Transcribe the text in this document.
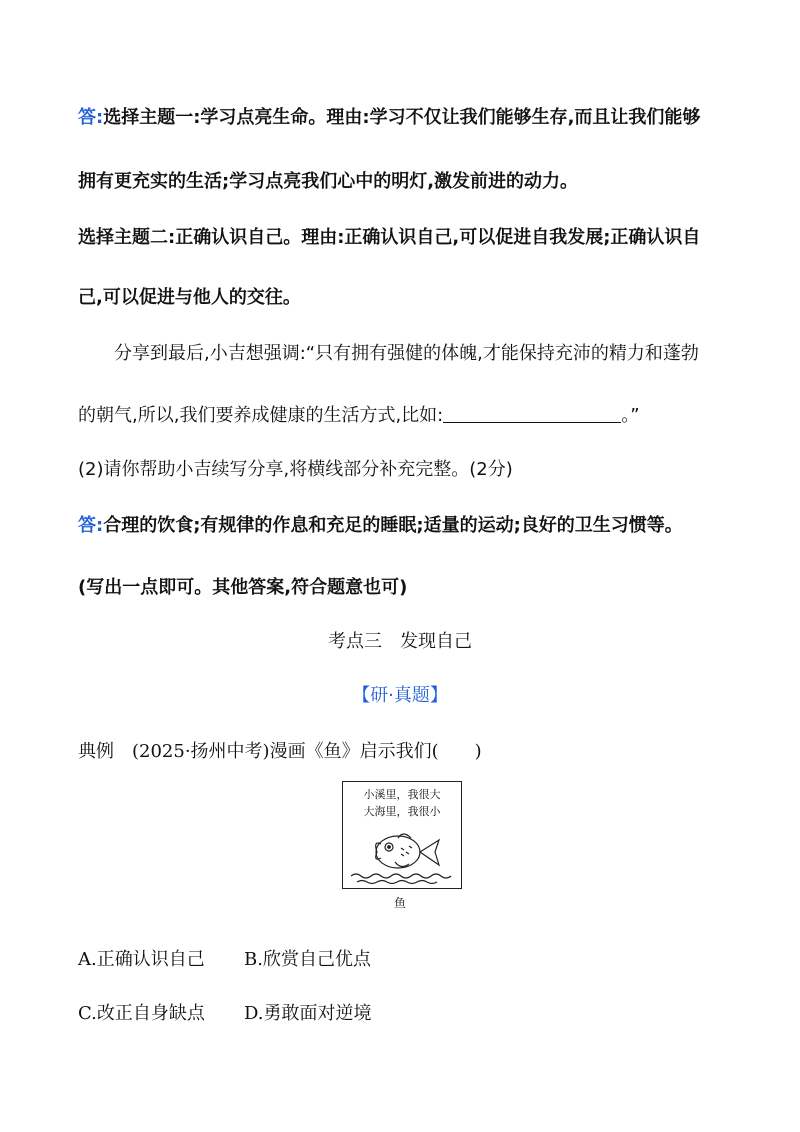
答:选择主题一:学习点亮生命。理由:学习不仅让我们能够生存,而且让我们能够
拥有更充实的生活;学习点亮我们心中的明灯,激发前进的动力。
选择主题二:正确认识自己。理由:正确认识自己,可以促进自我发展;正确认识自
己,可以促进与他人的交往。
分享到最后,小吉想强调:“只有拥有强健的体魄,才能保持充沛的精力和蓬勃
的朝气,所以,我们要养成健康的生活方式,比如:	。”
(2)请你帮助小吉续写分享,将横线部分补充完整。(2分)
答:合理的饮食;有规律的作息和充足的睡眠;适量的运动;良好的卫生习惯等。
(写出一点即可。其他答案,符合题意也可)
考点三　发现自己
【研·真题】
典例 (2025·扬州中考)漫画《鱼》启示我们(　　)
小溪里，我很大
大海里，我很小
鱼
A.正确认识自己 B.欣赏自己优点
C.改正自身缺点 D.勇敢面对逆境
